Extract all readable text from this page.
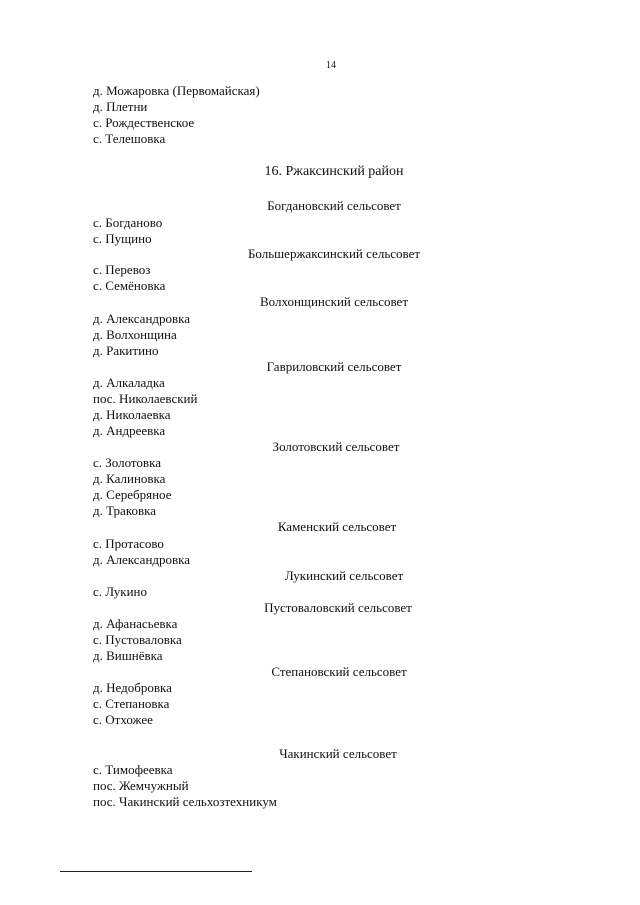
14
д. Можаровка (Первомайская)
д. Плетни
с. Рождественское
с. Телешовка
16. Ржаксинский район
Богдановский сельсовет
с. Богданово
с. Пущино
Большержаксинский сельсовет
с. Перевоз
с. Семёновка
Волхонщинский сельсовет
д. Александровка
д. Волхонщина
д. Ракитино
Гавриловский сельсовет
д. Алкаладка
пос. Николаевский
д. Николаевка
д. Андреевка
Золотовский сельсовет
с. Золотовка
д. Калиновка
д. Серебряное
д. Траковка
Каменский сельсовет
с. Протасово
д. Александровка
Лукинский сельсовет
с. Лукино
Пустоваловский сельсовет
д. Афанасьевка
с. Пустоваловка
д. Вишнёвка
Степановский сельсовет
д. Недобровка
с. Степановка
с. Отхожее
Чакинский сельсовет
с. Тимофеевка
пос. Жемчужный
пос. Чакинский сельхозтехникум
